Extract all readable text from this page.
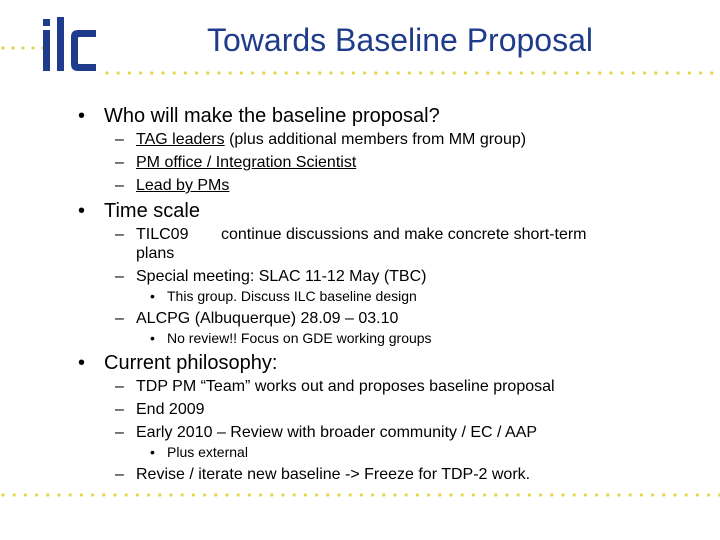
Towards Baseline Proposal
• Who will make the baseline proposal?
– TAG leaders (plus additional members from MM group)
– PM office / Integration Scientist
– Lead by PMs
• Time scale
– TILC09 continue discussions and make concrete short-term
plans
– Special meeting: SLAC 11-12 May (TBC)
• This group. Discuss ILC baseline design
– ALCPG (Albuquerque) 28.09 – 03.10
• No review!! Focus on GDE working groups
• Current philosophy:
– TDP PM “Team” works out and proposes baseline proposal
– End 2009
– Early 2010 – Review with broader community / EC / AAP
• Plus external
– Revise / iterate new baseline -> Freeze for TDP-2 work.
